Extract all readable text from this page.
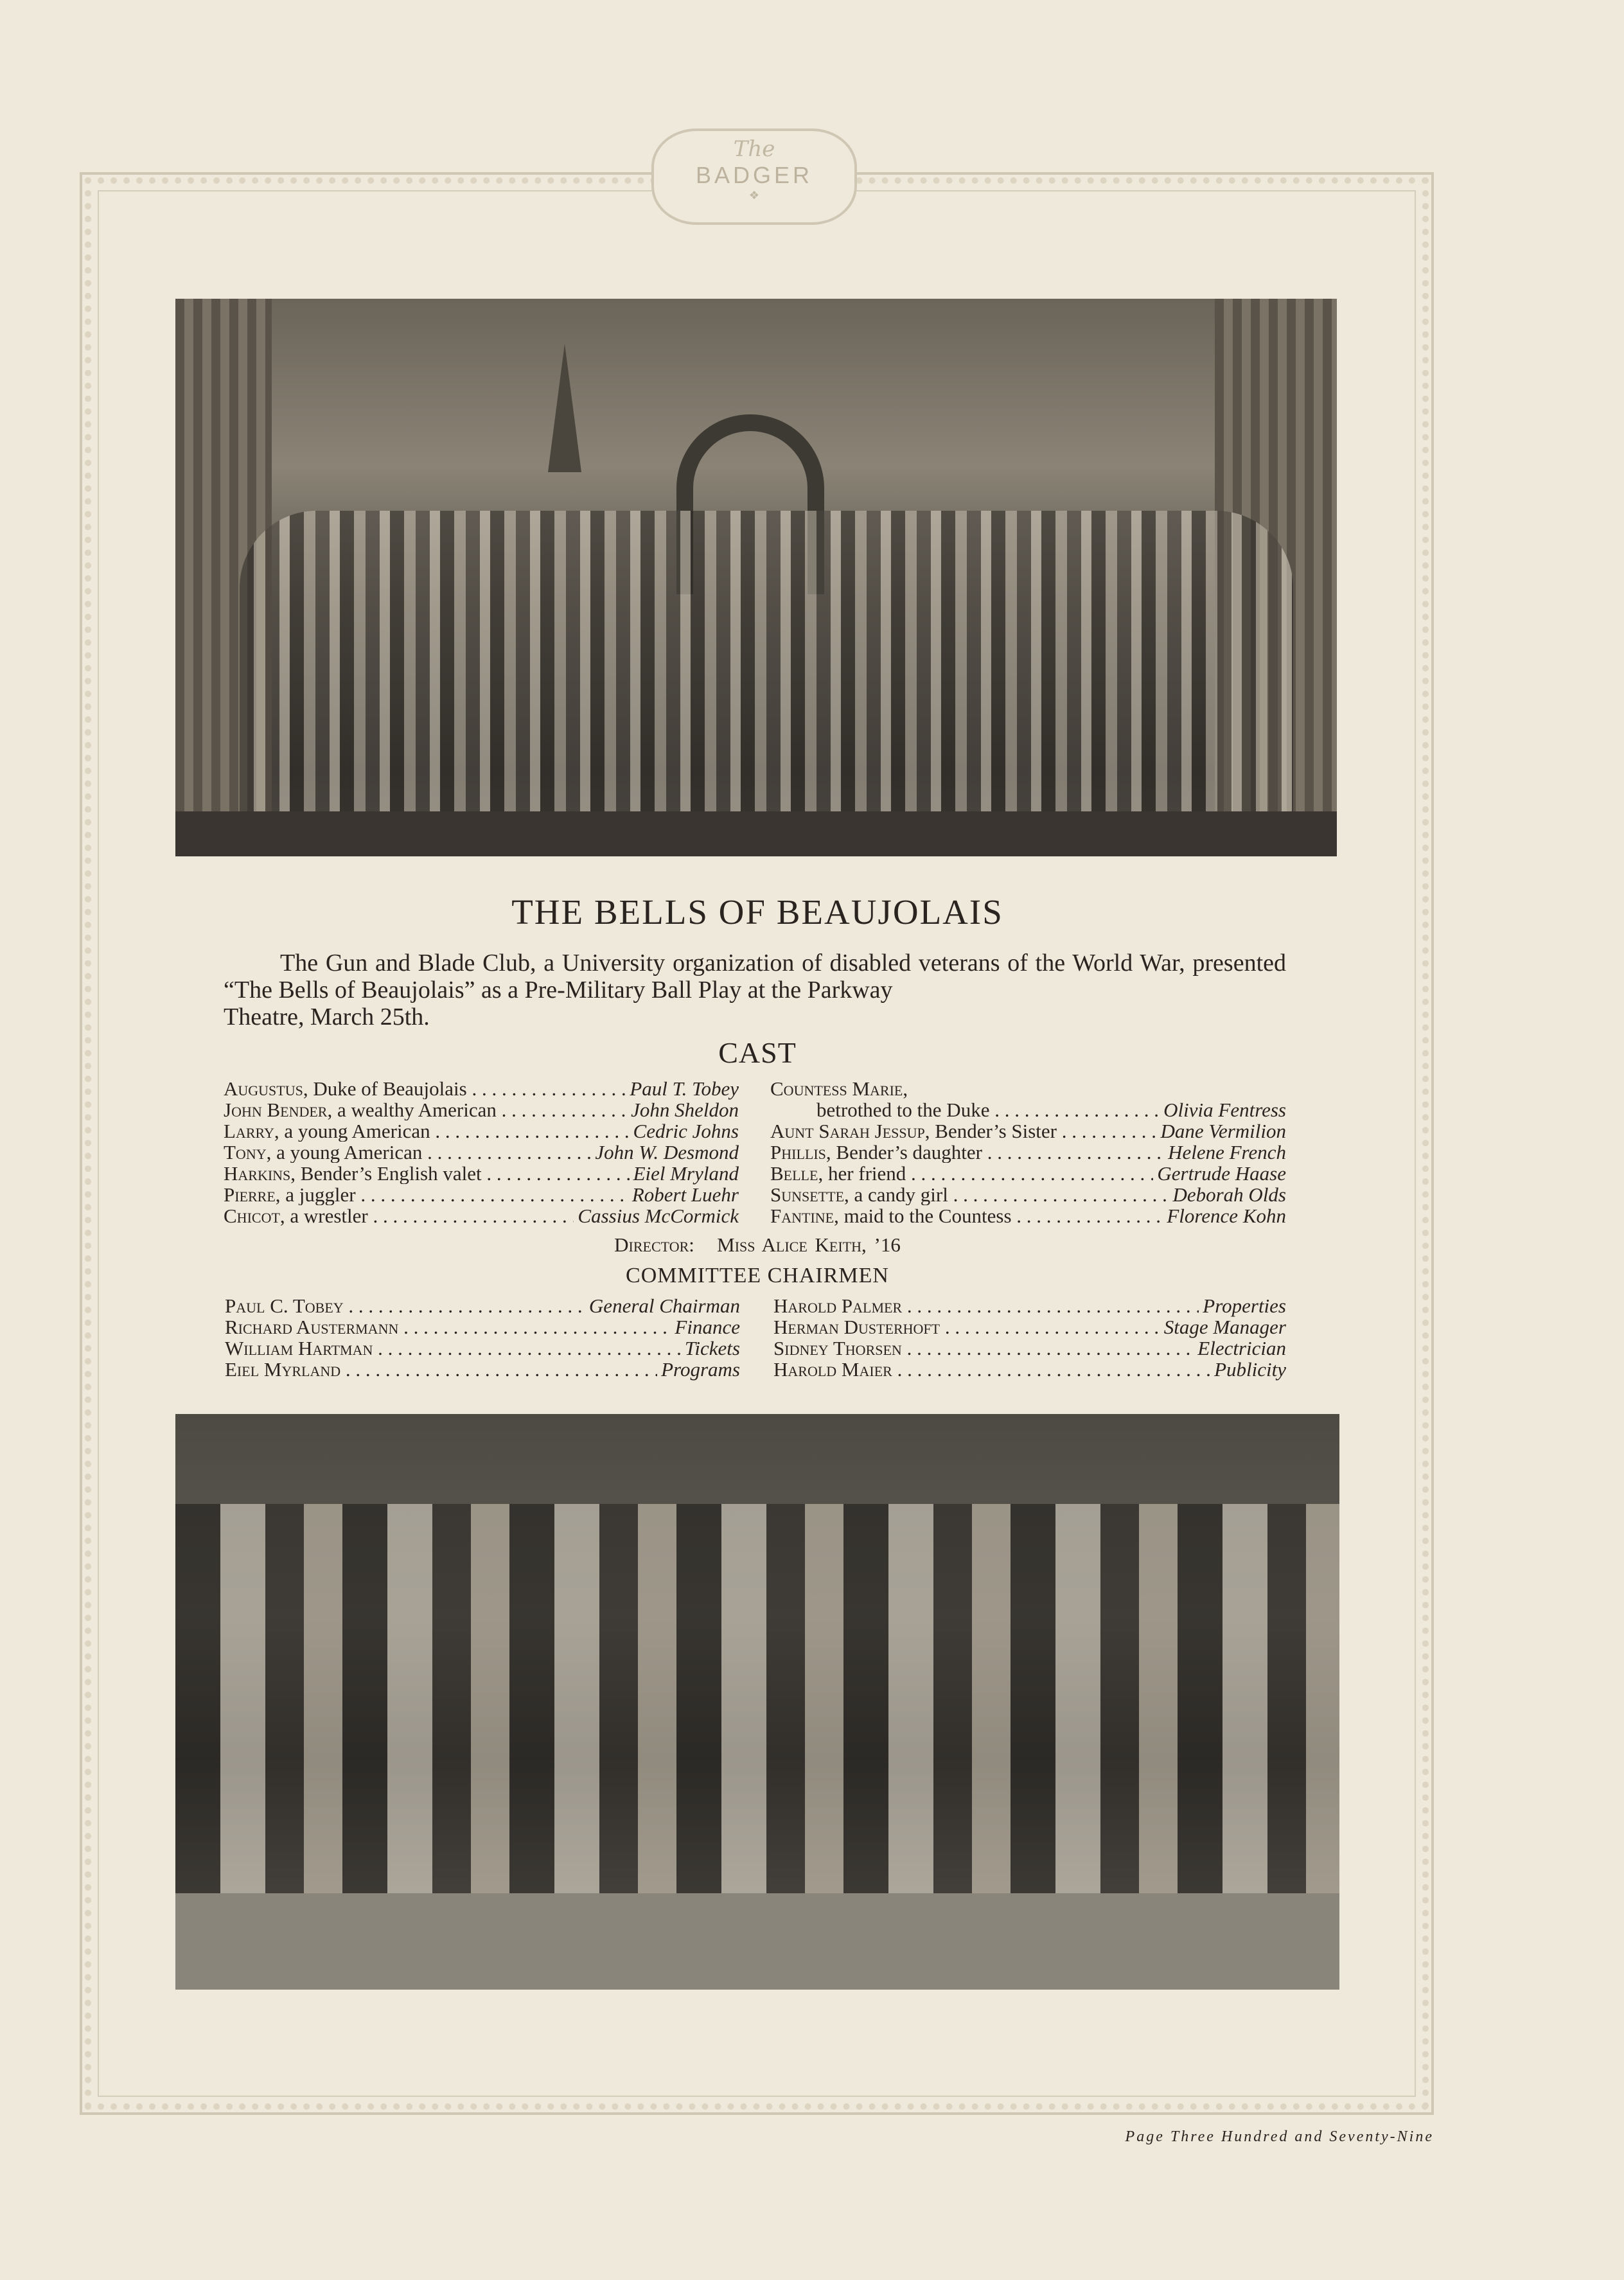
The
BADGER
❖
THE BELLS OF BEAUJOLAIS

The Gun and Blade Club, a University organization of disabled veterans of the World War, presented “The Bells of Beaujolais” as a Pre-Military Ball Play at the Parkway

Theatre, March 25th.
CAST
Augustus, Duke of Beaujolais . . .	Paul T. Tobey
John Bender, a wealthy American . . .	John Sheldon
Larry, a young American . . .	Cedric Johns
Tony, a young American . . .	John W. Desmond
Harkins, Bender’s English valet . . .	Eiel Mryland
Pierre, a juggler . . .	Robert Luehr
Chicot, a wrestler . . .	Cassius McCormick
Countess Marie,
betrothed to the Duke . . .	Olivia Fentress
Aunt Sarah Jessup, Bender’s Sister . . .	Dane Vermilion
Phillis, Bender’s daughter . . .	Helene French
Belle, her friend . . .	Gertrude Haase
Sunsette, a candy girl . . .	Deborah Olds
Fantine, maid to the Countess . . .	Florence Kohn
Director: Miss Alice Keith, ’16
COMMITTEE CHAIRMEN
Paul C. Tobey . . .	General Chairman
Richard Austermann . . .	Finance
William Hartman . . .	Tickets
Eiel Myrland . . .	Programs
Harold Palmer . . .	Properties
Herman Dusterhoft . . .	Stage Manager
Sidney Thorsen . . .	Electrician
Harold Maier . . .	Publicity
Page Three Hundred and Seventy-Nine
